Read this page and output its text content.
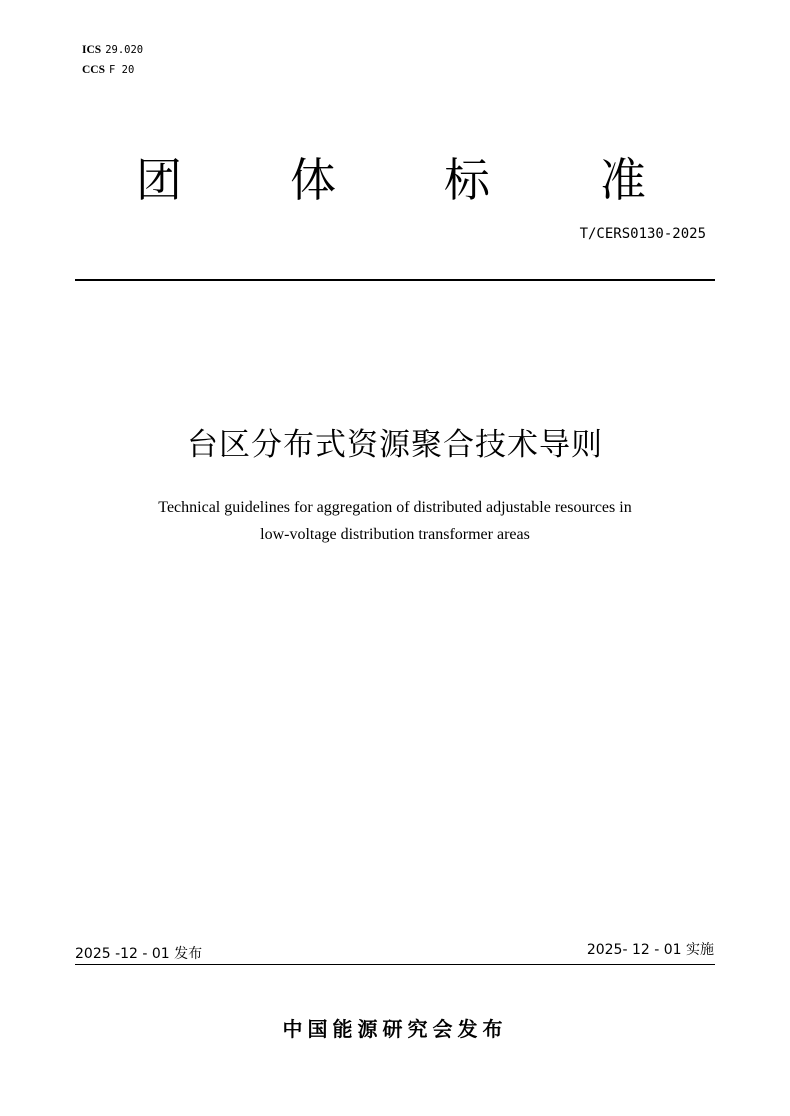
ICS 29.020
CCS F 20
团 体 标 准
T/CERS0130-2025
台区分布式资源聚合技术导则
Technical guidelines for aggregation of distributed adjustable resources in
low-voltage distribution transformer areas
2025 -12 - 01 发布	2025- 12 - 01 实施
中国能源研究会发布
